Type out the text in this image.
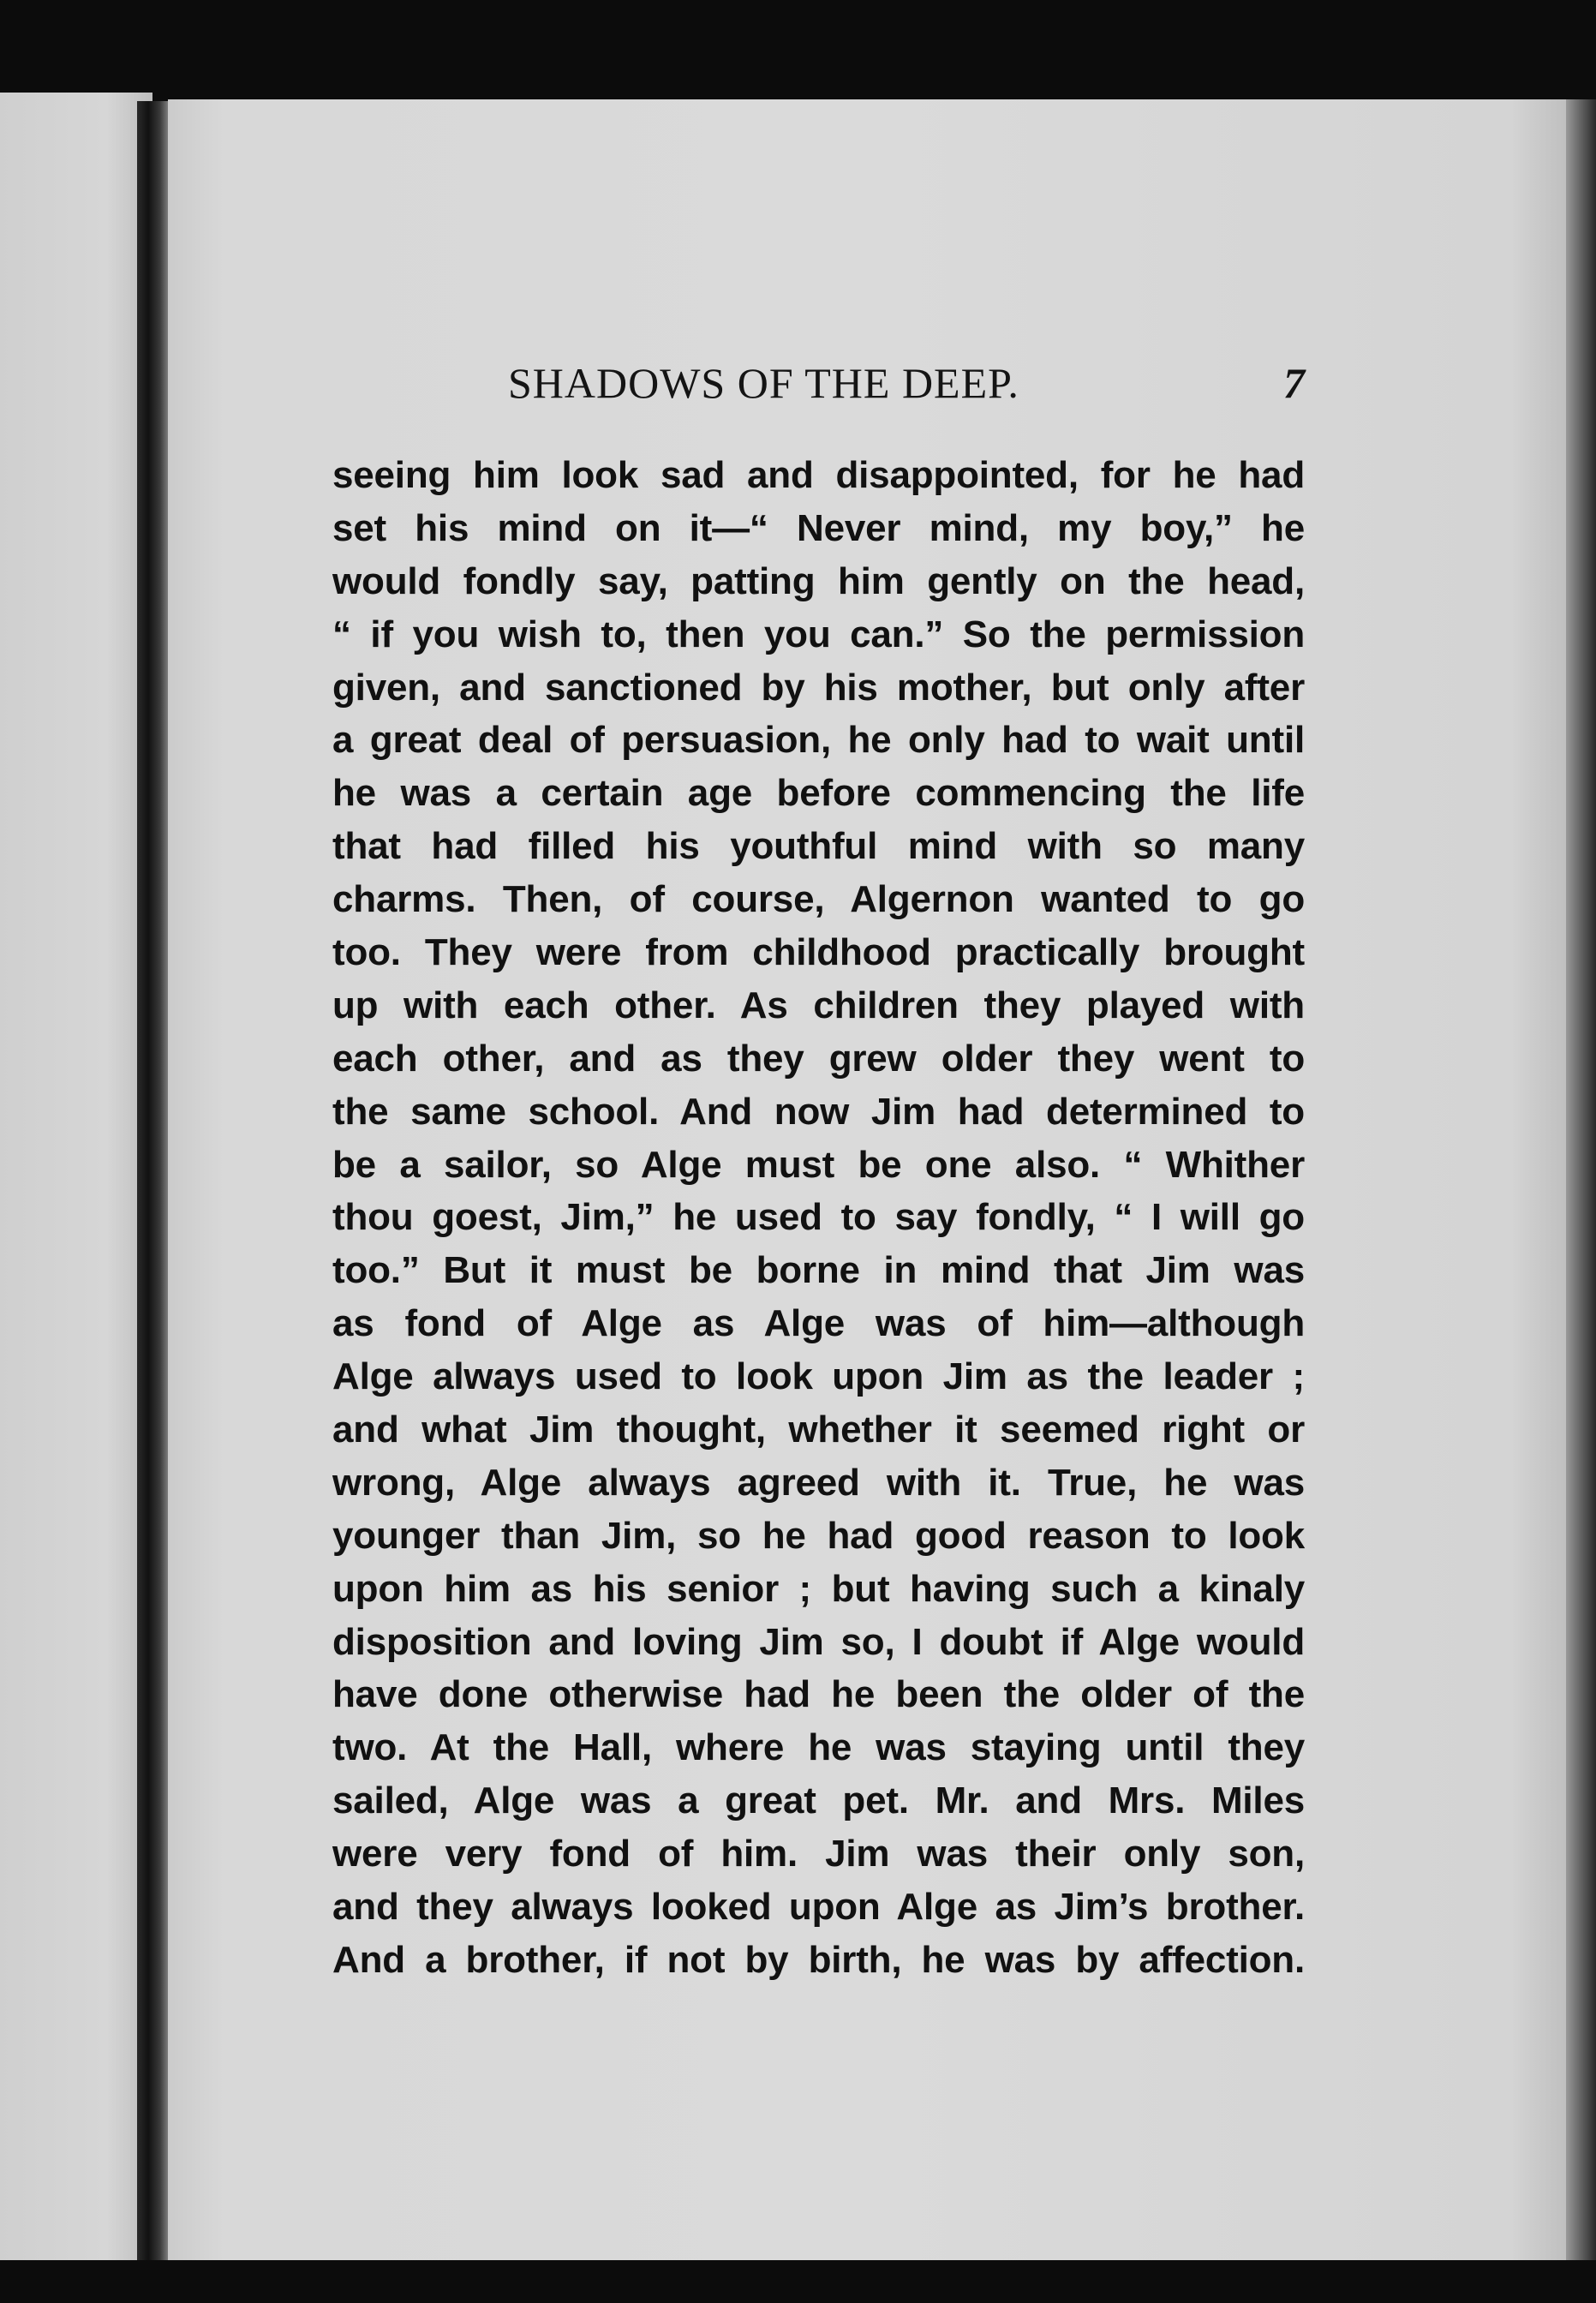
SHADOWS OF THE DEEP.	7
seeing him look sad and disappointed, for he had
set his mind on it—“ Never mind, my boy,” he
would fondly say, patting him gently on the head,
“ if you wish to, then you can.” So the permission
given, and sanctioned by his mother, but only after
a great deal of persuasion, he only had to wait until
he was a certain age before commencing the life
that had filled his youthful mind with so many
charms. Then, of course, Algernon wanted to go
too. They were from childhood practically brought
up with each other. As children they played with
each other, and as they grew older they went to
the same school. And now Jim had determined to
be a sailor, so Alge must be one also. “ Whither
thou goest, Jim,” he used to say fondly, “ I will go
too.” But it must be borne in mind that Jim was
as fond of Alge as Alge was of him—although
Alge always used to look upon Jim as the leader ;
and what Jim thought, whether it seemed right or
wrong, Alge always agreed with it. True, he was
younger than Jim, so he had good reason to look
upon him as his senior ; but having such a kinaly
disposition and loving Jim so, I doubt if Alge would
have done otherwise had he been the older of the
two. At the Hall, where he was staying until they
sailed, Alge was a great pet. Mr. and Mrs. Miles
were very fond of him. Jim was their only son,
and they always looked upon Alge as Jim’s brother.
And a brother, if not by birth, he was by affection.
